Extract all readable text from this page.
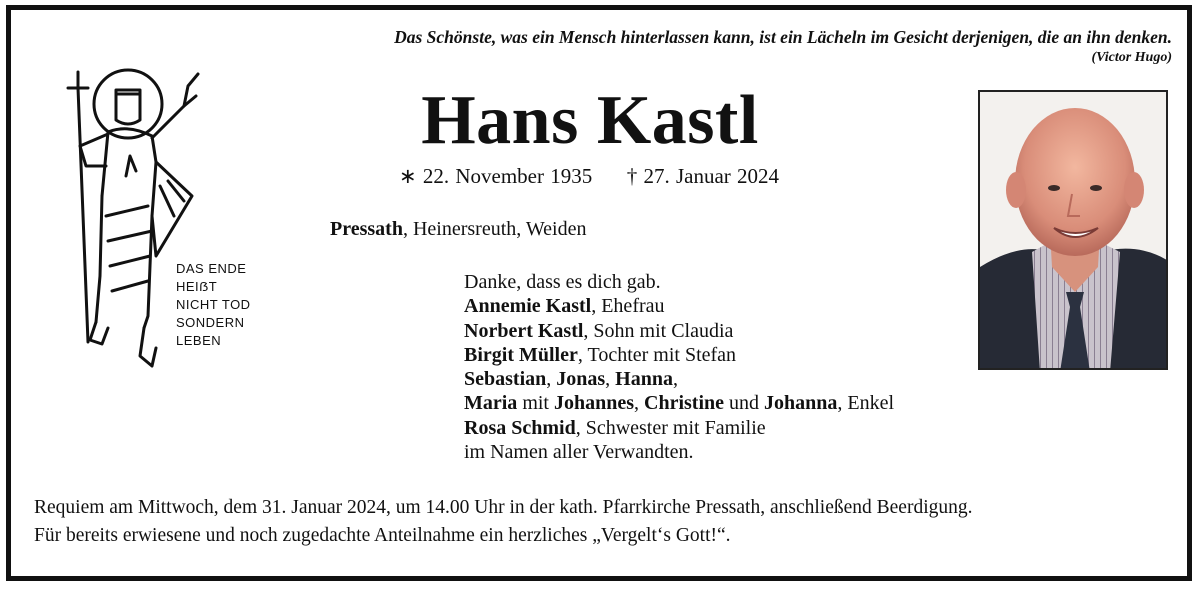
Das Schönste, was ein Mensch hinterlassen kann, ist ein Lächeln im Gesicht derjenigen, die an ihn denken.
(Victor Hugo)
DAS ENDE
HEIẞT
NICHT TOD
SONDERN
LEBEN
Hans Kastl
∗ 22. November 1935 † 27. Januar 2024
Pressath, Heinersreuth, Weiden
Danke, dass es dich gab.
Annemie Kastl, Ehefrau
Norbert Kastl, Sohn mit Claudia
Birgit Müller, Tochter mit Stefan
Sebastian, Jonas, Hanna,
Maria mit Johannes, Christine und Johanna, Enkel
Rosa Schmid, Schwester mit Familie
im Namen aller Verwandten.
Requiem am Mittwoch, dem 31. Januar 2024, um 14.00 Uhr in der kath. Pfarrkirche Pressath, anschließend Beerdigung.
Für bereits erwiesene und noch zugedachte Anteilnahme ein herzliches „Vergelt‘s Gott!“.
